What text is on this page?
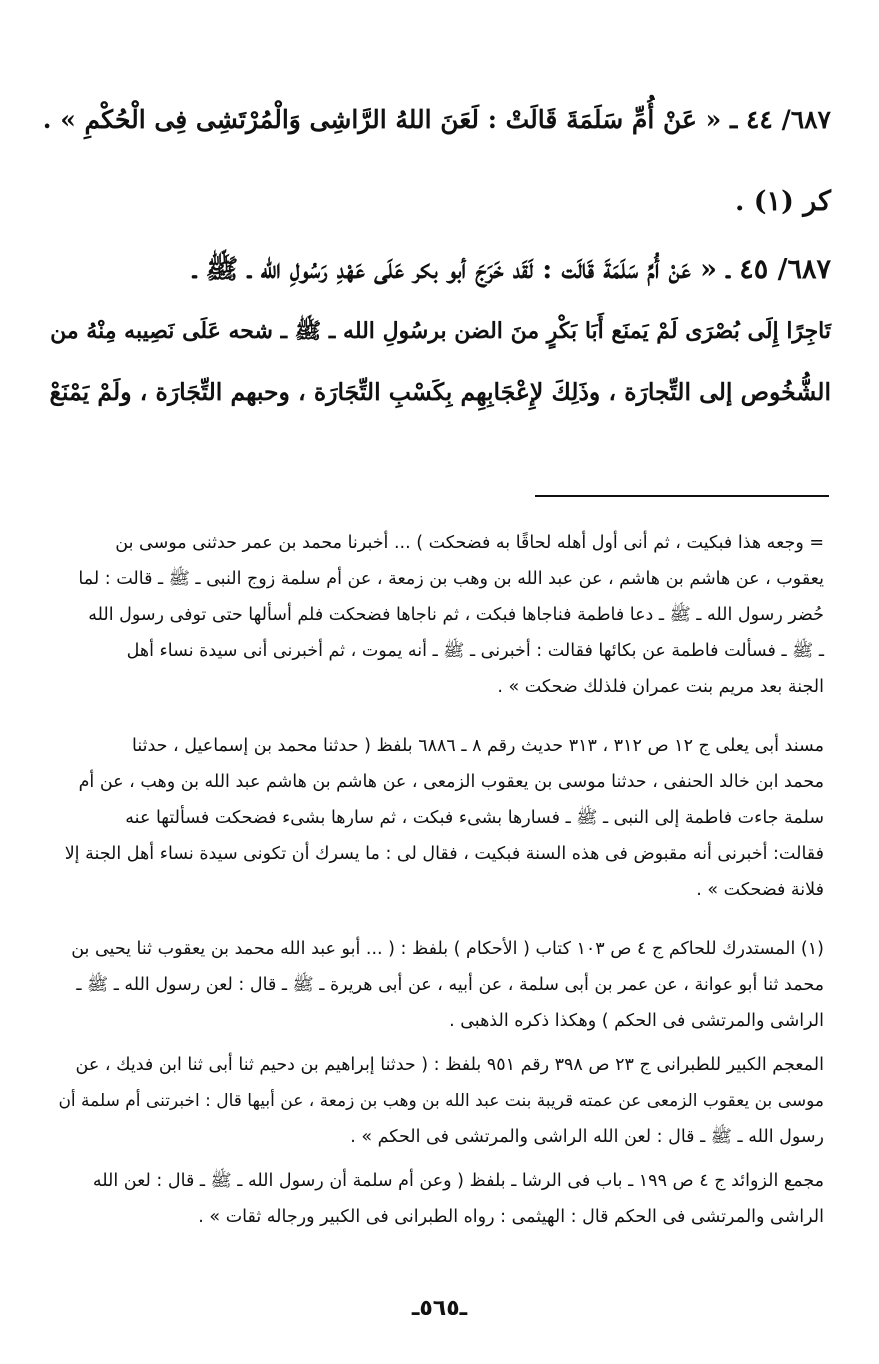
٦٨٧/ ٤٤ ـ « عَنْ أُمِّ سَلَمَةَ قَالَتْ : لَعَنَ اللهُ الرَّاشِى وَالْمُرْتَشِى فِى الْحُكْمِ » .
كر (١) .
٦٨٧/ ٤٥ ـ « عَنْ أُمِّ سَلَمَةَ قَالَت : لَقَد خَرَجَ أبو بكر عَلَى عَهْدِ رَسُولِ الله ـ ﷺ ـ
تَاجِرًا إِلَى بُصْرَى لَمْ يَمنَع أَبَا بَكْرٍ منَ الضن برسُولِ الله ـ ﷺ ـ شحه عَلَى نَصِيبه مِنْهُ من
الشُّخُوص إلى التِّجارَة ، وذَلِكَ لإِعْجَابِهِم بِكَسْبِ التِّجَارَة ، وحبهم التِّجَارَة ، ولَمْ يَمْنَعْ
= وجعه هذا فبكيت ، ثم أنى أول أهله لحاقًا به فضحكت ) ... أخبرنا محمد بن عمر حدثنى موسى بن
يعقوب ، عن هاشم بن هاشم ، عن عبد الله بن وهب بن زمعة ، عن أم سلمة زوج النبى ـ ﷺ ـ قالت : لما
حُضر رسول الله ـ ﷺ ـ دعا فاطمة فناجاها فبكت ، ثم ناجاها فضحكت فلم أسألها حتى توفى رسول الله
ـ ﷺ ـ فسألت فاطمة عن بكائها فقالت : أخبرنى ـ ﷺ ـ أنه يموت ، ثم أخبرنى أنى سيدة نساء أهل
الجنة بعد مريم بنت عمران فلذلك ضحكت » .
مسند أبى يعلى ج ١٢ ص ٣١٢ ، ٣١٣ حديث رقم ٨ ـ ٦٨٨٦ بلفظ ( حدثنا محمد بن إسماعيل ، حدثنا
محمد ابن خالد الحنفى ، حدثنا موسى بن يعقوب الزمعى ، عن هاشم بن هاشم عبد الله بن وهب ، عن أم
سلمة جاءت فاطمة إلى النبى ـ ﷺ ـ فسارها بشىء فبكت ، ثم سارها بشىء فضحكت فسألتها عنه
فقالت: أخبرنى أنه مقبوض فى هذه السنة فبكيت ، فقال لى : ما يسرك أن تكونى سيدة نساء أهل الجنة إلا
فلانة فضحكت » .
(١) المستدرك للحاكم ج ٤ ص ١٠٣ كتاب ( الأحكام ) بلفظ : ( ... أبو عبد الله محمد بن يعقوب ثنا يحيى بن
محمد ثنا أبو عوانة ، عن عمر بن أبى سلمة ، عن أبيه ، عن أبى هريرة ـ ﷺ ـ قال : لعن رسول الله ـ ﷺ ـ
الراشى والمرتشى فى الحكم ) وهكذا ذكره الذهبى .
المعجم الكبير للطبرانى ج ٢٣ ص ٣٩٨ رقم ٩٥١ بلفظ : ( حدثنا إبراهيم بن دحيم ثنا أبى ثنا ابن فديك ، عن
موسى بن يعقوب الزمعى عن عمته قريبة بنت عبد الله بن وهب بن زمعة ، عن أبيها قال : اخبرتنى أم سلمة أن
رسول الله ـ ﷺ ـ قال : لعن الله الراشى والمرتشى فى الحكم » .
مجمع الزوائد ج ٤ ص ١٩٩ ـ باب فى الرشا ـ بلفظ ( وعن أم سلمة أن رسول الله ـ ﷺ ـ قال : لعن الله
الراشى والمرتشى فى الحكم قال : الهيثمى : رواه الطبرانى فى الكبير ورجاله ثقات » .
ـ٥٦٥ـ
